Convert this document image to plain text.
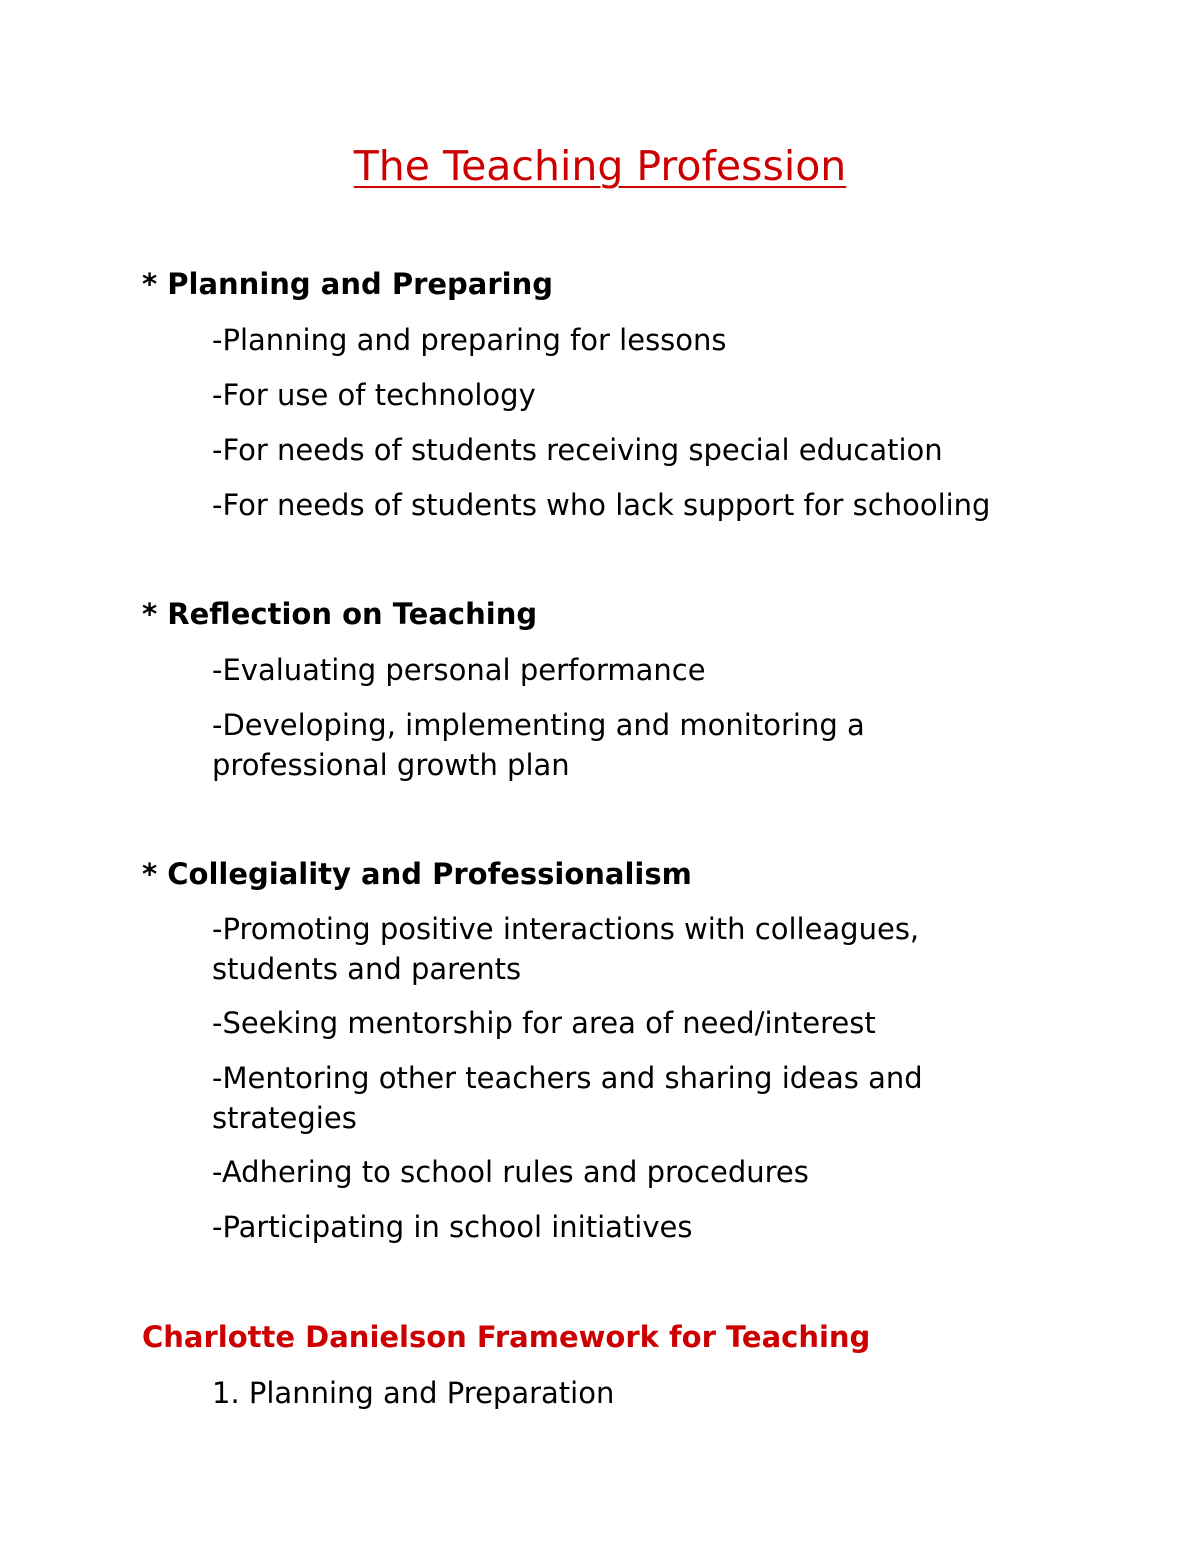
The Teaching Profession
* Planning and Preparing
-Planning and preparing for lessons
-For use of technology
-For needs of students receiving special education
-For needs of students who lack support for schooling
* Reflection on Teaching
-Evaluating personal performance
-Developing, implementing and monitoring a professional growth plan
* Collegiality and Professionalism
-Promoting positive interactions with colleagues, students and parents
-Seeking mentorship for area of need/interest
-Mentoring other teachers and sharing ideas and strategies
-Adhering to school rules and procedures
-Participating in school initiatives
Charlotte Danielson Framework for Teaching
1. Planning and Preparation
